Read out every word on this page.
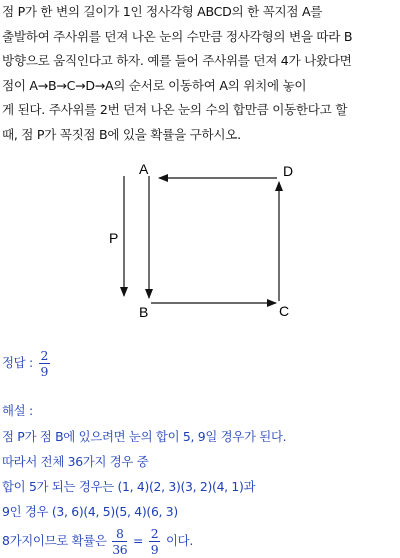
점 P가 한 변의 길이가 1인 정사각형 ABCD의 한 꼭지점 A를

출발하여 주사위를 던져 나온 눈의 수만큼 정사각형의 변을 따라 B

방향으로 움직인다고 하자. 예를 들어 주사위를 던져 4가 나왔다면

점이 A→B→C→D→A의 순서로 이동하여 A의 위치에 놓이

게 된다. 주사위를 2번 던져 나온 눈의 수의 합만큼 이동한다고 할

때, 점 P가 꼭짓점 B에 있을 확률을 구하시오.

A
B	C
D
P
정답 : $\frac{2}{9}$
해설 :
점 P가 점 B에 있으려면 눈의 합이 5, 9일 경우가 된다.
따라서 전체 36가지 경우 중
합이 5가 되는 경우는 (1, 4)(2, 3)(3, 2)(4, 1)과
9인 경우 (3, 6)(4, 5)(5, 4)(6, 3)
8가지이므로 확률은 $\frac{8}{36} = \frac{2}{9}$ 이다.
